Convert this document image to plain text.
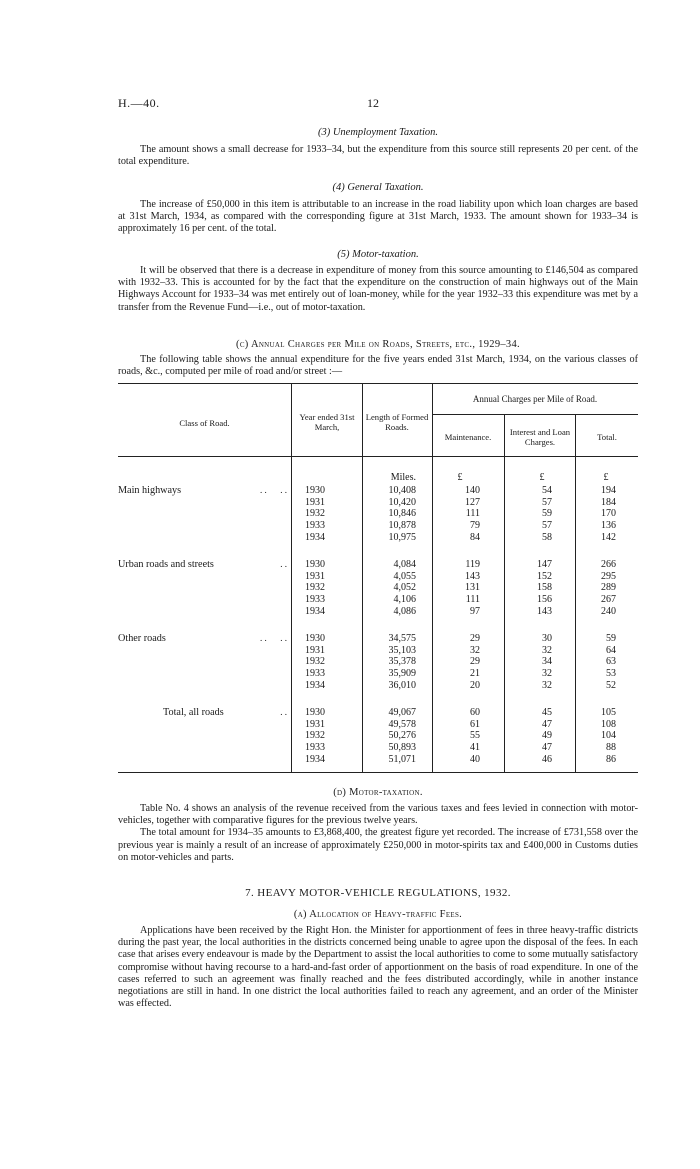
H.—40.	12
(3) Unemployment Taxation.

The amount shows a small decrease for 1933–34, but the expenditure from this source still represents 20 per cent. of the total expenditure.

(4) General Taxation.

The increase of £50,000 in this item is attributable to an increase in the road liability upon which loan charges are based at 31st March, 1934, as compared with the corresponding figure at 31st March, 1933. The amount shown for 1933–34 is approximately 16 per cent. of the total.

(5) Motor-taxation.

It will be observed that there is a decrease in expenditure of money from this source amounting to £146,504 as compared with 1932–33. This is accounted for by the fact that the expenditure on the construction of main highways out of the Main Highways Account for 1933–34 was met entirely out of loan-money, while for the year 1932–33 this expenditure was met by a transfer from the Revenue Fund—i.e., out of motor-taxation.

(c) Annual Charges per Mile on Roads, Streets, etc., 1929–34.

The following table shows the annual expenditure for the five years ended 31st March, 1934, on the various classes of roads, &c., computed per mile of road and/or street :—

Class of Road.
Year ended 31st March,
Length of Formed Roads.
Annual Charges per Mile of Road.
Maintenance.	Interest and Loan Charges.	Total.
Miles.	£	£	£
Main highways	. .      . .	1930	10,408	140	54	194
1931	10,420	127	57	184
1932	10,846	111	59	170
1933	10,878	79	57	136
1934	10,975	84	58	142
Urban roads and streets	. .	1930	4,084	119	147	266
1931	4,055	143	152	295
1932	4,052	131	158	289
1933	4,106	111	156	267
1934	4,086	97	143	240
Other roads	. .      . .	1930	34,575	29	30	59
1931	35,103	32	32	64
1932	35,378	29	34	63
1933	35,909	21	32	53
1934	36,010	20	32	52
Total, all roads	. .	1930	49,067	60	45	105
1931	49,578	61	47	108
1932	50,276	55	49	104
1933	50,893	41	47	88
1934	51,071	40	46	86
(d) Motor-taxation.

Table No. 4 shows an analysis of the revenue received from the various taxes and fees levied in connection with motor-vehicles, together with comparative figures for the previous twelve years.

The total amount for 1934–35 amounts to £3,868,400, the greatest figure yet recorded. The increase of £731,558 over the previous year is mainly a result of an increase of approximately £250,000 in motor-spirits tax and £400,000 in Customs duties on motor-vehicles and parts.

7. HEAVY MOTOR-VEHICLE REGULATIONS, 1932.
(a) Allocation of Heavy-traffic Fees.

Applications have been received by the Right Hon. the Minister for apportionment of fees in three heavy-traffic districts during the past year, the local authorities in the districts concerned being unable to agree upon the disposal of the fees. In each case that arises every endeavour is made by the Department to assist the local authorities to come to some mutually satisfactory compromise without having recourse to a hard-and-fast order of apportionment on the basis of road expenditure. In one of the cases referred to such an agreement was finally reached and the fees distributed accordingly, while in another instance negotiations are still in hand. In one district the local authorities failed to reach any agreement, and an order of the Minister was effected.
